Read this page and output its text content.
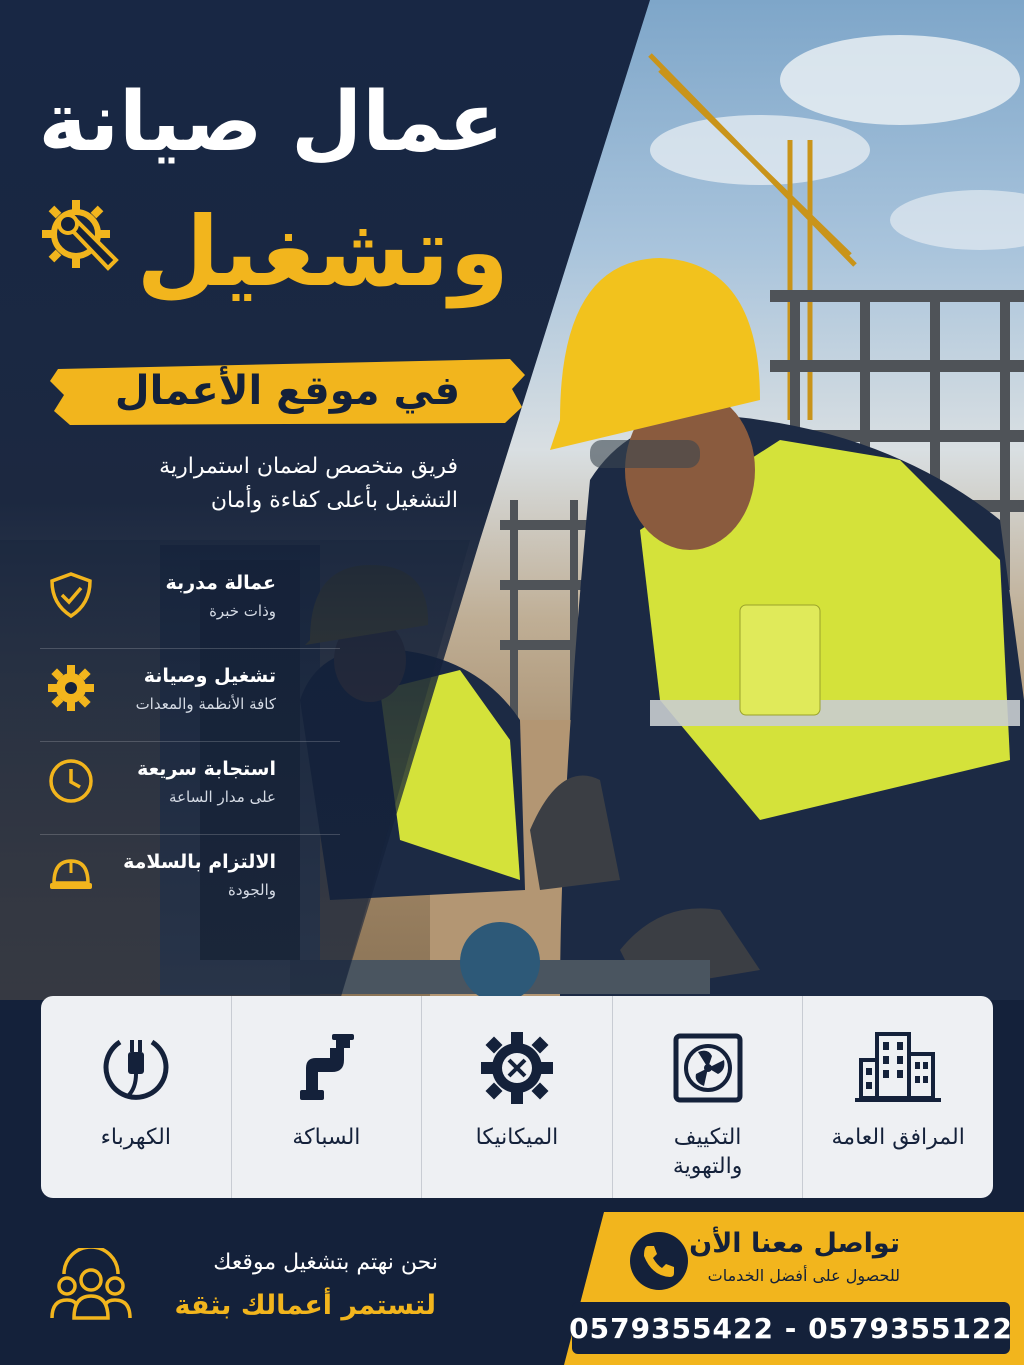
عمال صيانة
وتشغيل
في موقع الأعمال
فريق متخصص لضمان استمرارية
التشغيل بأعلى كفاءة وأمان
عمالة مدربة
وذات خبرة
تشغيل وصيانة
كافة الأنظمة والمعدات
استجابة سريعة
على مدار الساعة
الالتزام بالسلامة
والجودة
الكهرباء	السباكة	الميكانيكا	التكييف والتهوية
المرافق العامة
نحن نهتم بتشغيل موقعك
لتستمر أعمالك بثقة
تواصل معنا الأن
للحصول على أفضل الخدمات
0579355422 - 0579355122
